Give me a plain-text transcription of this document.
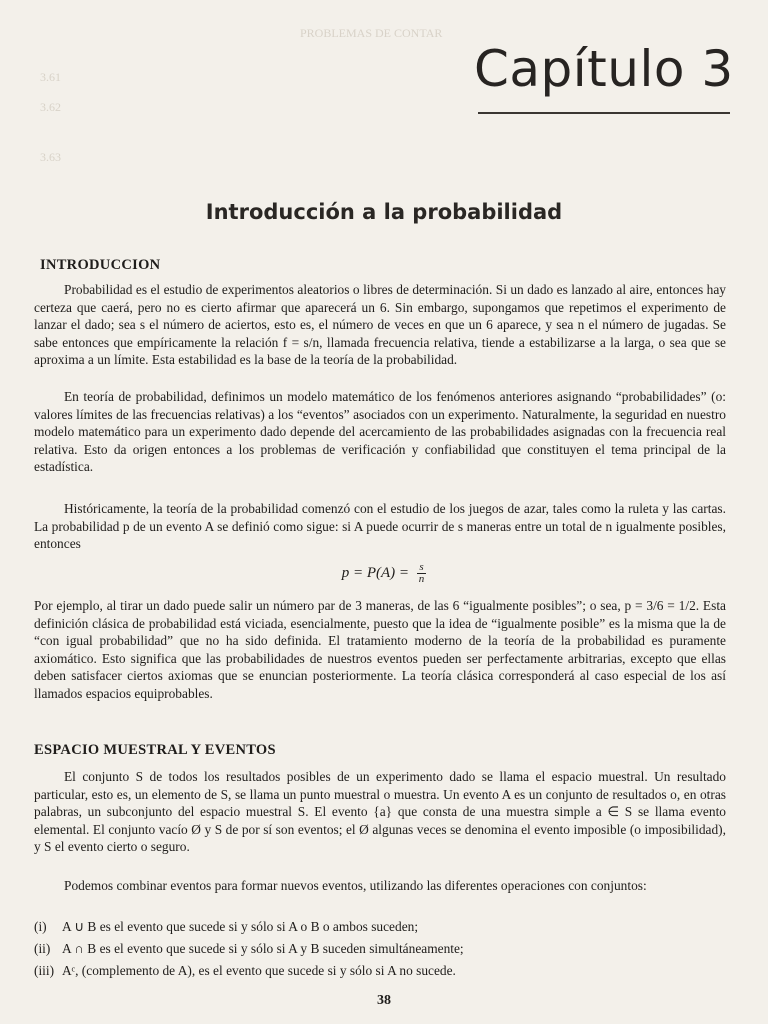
PROBLEMAS DE CONTAR
3.61
3.62
3.63
Capítulo 3
Introducción a la probabilidad
INTRODUCCION

Probabilidad es el estudio de experimentos aleatorios o libres de determinación. Si un dado es lanzado al aire, entonces hay certeza que caerá, pero no es cierto afirmar que aparecerá un 6. Sin embargo, supongamos que repetimos el experimento de lanzar el dado; sea s el número de aciertos, esto es, el número de veces en que un 6 aparece, y sea n el número de jugadas. Se sabe entonces que empíricamente la relación f = s/n, llamada frecuencia relativa, tiende a estabilizarse a la larga, o sea que se aproxima a un límite. Esta estabilidad es la base de la teoría de la probabilidad.

En teoría de probabilidad, definimos un modelo matemático de los fenómenos anteriores asignando “probabilidades” (o: valores límites de las frecuencias relativas) a los “eventos” asociados con un experimento. Naturalmente, la seguridad en nuestro modelo matemático para un experimento dado depende del acercamiento de las probabilidades asignadas con la frecuencia real relativa. Esto da origen entonces a los problemas de verificación y confiabilidad que constituyen el tema principal de la estadística.

Históricamente, la teoría de la probabilidad comenzó con el estudio de los juegos de azar, tales como la ruleta y las cartas. La probabilidad p de un evento A se definió como sigue: si A puede ocurrir de s maneras entre un total de n igualmente posibles, entonces

$p = P(A) = \frac{s}{n}$

Por ejemplo, al tirar un dado puede salir un número par de 3 maneras, de las 6 “igualmente posibles”; o sea, p = 3/6 = 1/2. Esta definición clásica de probabilidad está viciada, esencialmente, puesto que la idea de “igualmente posible” es la misma que la de “con igual probabilidad” que no ha sido definida. El tratamiento moderno de la teoría de la probabilidad es puramente axiomático. Esto significa que las probabilidades de nuestros eventos pueden ser perfectamente arbitrarias, excepto que ellas deben satisfacer ciertos axiomas que se enuncian posteriormente. La teoría clásica corresponderá al caso especial de los así llamados espacios equiprobables.

ESPACIO MUESTRAL Y EVENTOS

El conjunto S de todos los resultados posibles de un experimento dado se llama el espacio muestral. Un resultado particular, esto es, un elemento de S, se llama un punto muestral o muestra. Un evento A es un conjunto de resultados o, en otras palabras, un subconjunto del espacio muestral S. El evento {a} que consta de una muestra simple a ∈ S se llama evento elemental. El conjunto vacío Ø y S de por sí son eventos; el Ø algunas veces se denomina el evento imposible (o imposibilidad), y S el evento cierto o seguro.

Podemos combinar eventos para formar nuevos eventos, utilizando las diferentes operaciones con conjuntos:

(i)	A ∪ B es el evento que sucede si y sólo si A o B o ambos suceden;
(ii) A ∩ B es el evento que sucede si y sólo si A y B suceden simultáneamente;
(iii) Aᶜ, (complemento de A), es el evento que sucede si y sólo si A no sucede.
38
